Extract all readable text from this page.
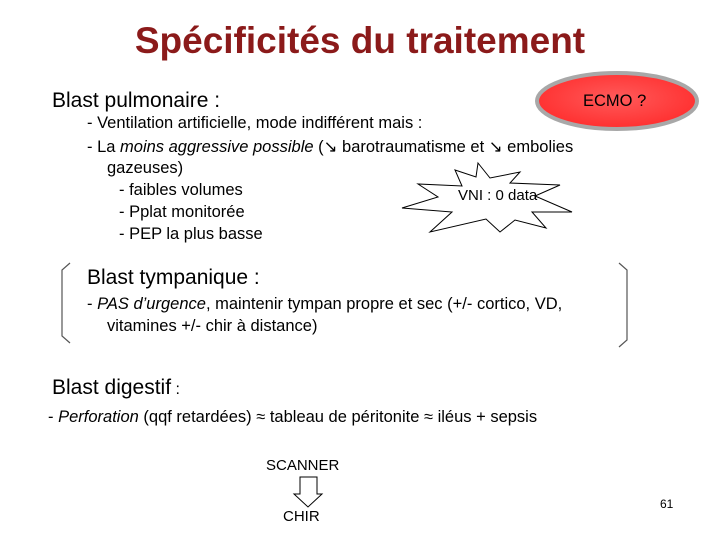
Spécificités du traitement
ECMO ?
Blast pulmonaire :
- Ventilation artificielle, mode indifférent mais :
- La moins aggressive possible (↘ barotraumatisme et ↘ embolies
gazeuses)
- faibles volumes
- Pplat monitorée
- PEP la plus basse
VNI : 0 data
Blast tympanique :
- PAS d’urgence, maintenir tympan propre et sec (+/- cortico, VD,
vitamines +/- chir à distance)
Blast digestif :
- Perforation (qqf retardées) ≈ tableau de péritonite ≈ iléus + sepsis
SCANNER
CHIR
61
